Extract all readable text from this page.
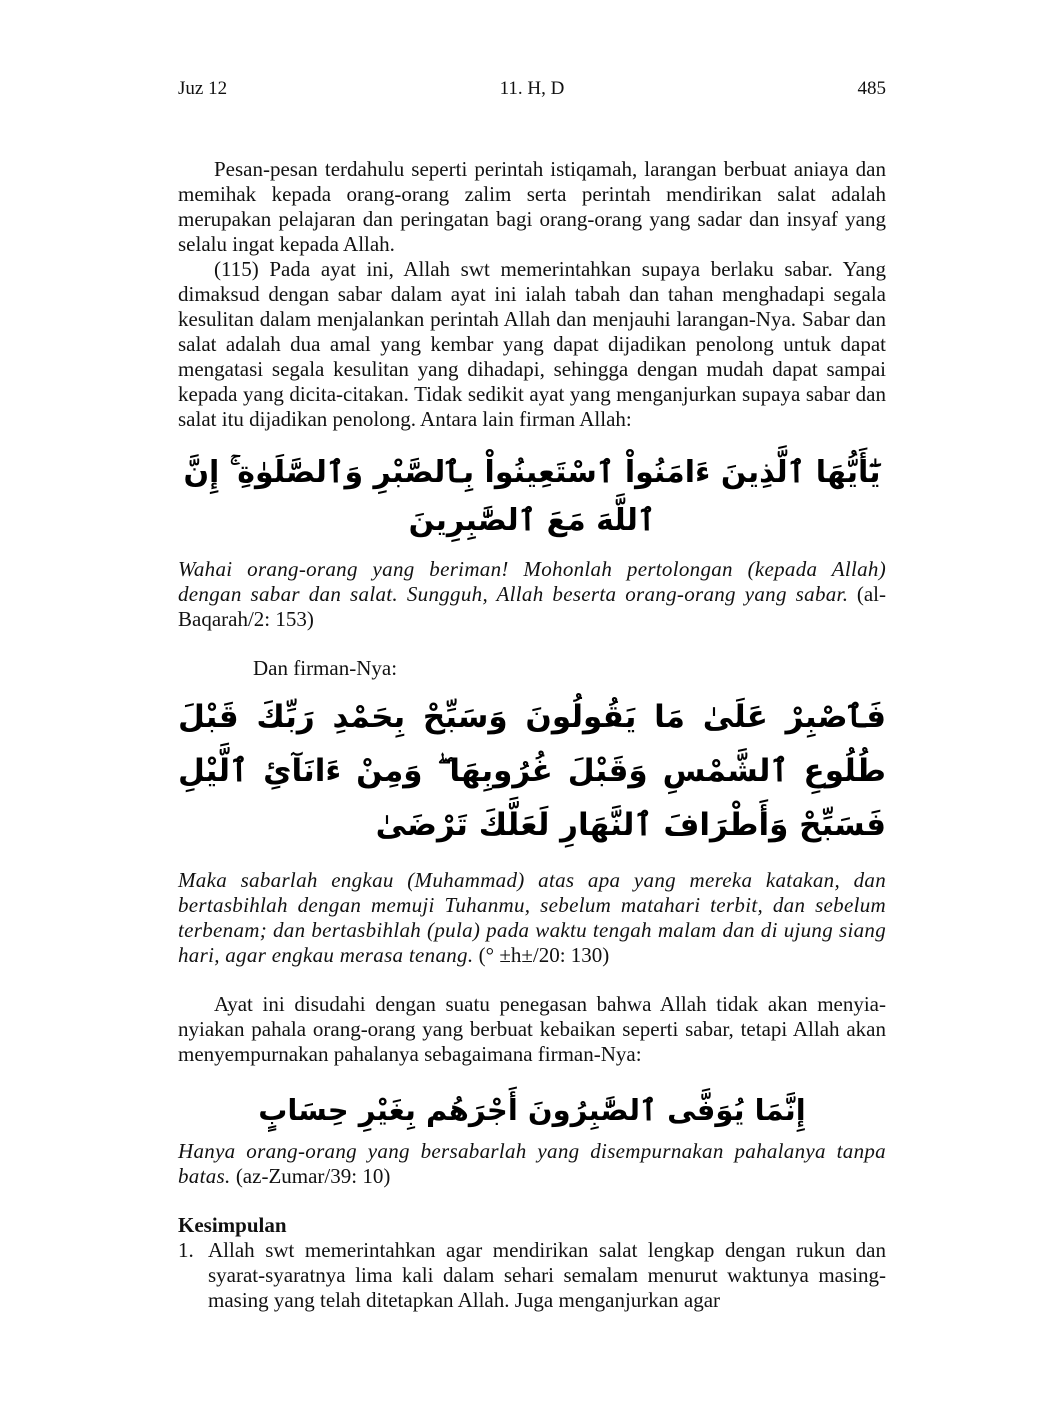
Juz 12	11. H, D	485

Pesan-pesan terdahulu seperti perintah istiqamah, larangan berbuat aniaya dan memihak kepada orang-orang zalim serta perintah mendirikan salat adalah merupakan pelajaran dan peringatan bagi orang-orang yang sadar dan insyaf yang selalu ingat kepada Allah.

(115) Pada ayat ini, Allah swt memerintahkan supaya berlaku sabar. Yang dimaksud dengan sabar dalam ayat ini ialah tabah dan tahan menghadapi segala kesulitan dalam menjalankan perintah Allah dan menjauhi larangan-Nya. Sabar dan salat adalah dua amal yang kembar yang dapat dijadikan penolong untuk dapat mengatasi segala kesulitan yang dihadapi, sehingga dengan mudah dapat sampai kepada yang dicita-citakan. Tidak sedikit ayat yang menganjurkan supaya sabar dan salat itu dijadikan penolong. Antara lain firman Allah:

يَٰٓأَيُّهَا ٱلَّذِينَ ءَامَنُواْ ٱسْتَعِينُواْ بِٱلصَّبْرِ وَٱلصَّلَوٰةِ ۚ إِنَّ ٱللَّهَ مَعَ ٱلصَّٰبِرِينَ

Wahai orang-orang yang beriman! Mohonlah pertolongan (kepada Allah) dengan sabar dan salat. Sungguh, Allah beserta orang-orang yang sabar. (al-Baqarah/2: 153)

Dan firman-Nya:

فَٱصْبِرْ عَلَىٰ مَا يَقُولُونَ وَسَبِّحْ بِحَمْدِ رَبِّكَ قَبْلَ طُلُوعِ ٱلشَّمْسِ وَقَبْلَ غُرُوبِهَا ۖ وَمِنْ ءَانَآئِ ٱلَّيْلِ فَسَبِّحْ وَأَطْرَافَ ٱلنَّهَارِ لَعَلَّكَ تَرْضَىٰ

Maka sabarlah engkau (Muhammad) atas apa yang mereka katakan, dan bertasbihlah dengan memuji Tuhanmu, sebelum matahari terbit, dan sebelum terbenam; dan bertasbihlah (pula) pada waktu tengah malam dan di ujung siang hari, agar engkau merasa tenang. (° ±h±/20: 130)

Ayat ini disudahi dengan suatu penegasan bahwa Allah tidak akan menyia-nyiakan pahala orang-orang yang berbuat kebaikan seperti sabar, tetapi Allah akan menyempurnakan pahalanya sebagaimana firman-Nya:

إِنَّمَا يُوَفَّى ٱلصَّٰبِرُونَ أَجْرَهُم بِغَيْرِ حِسَابٍ

Hanya orang-orang yang bersabarlah yang disempurnakan pahalanya tanpa batas. (az-Zumar/39: 10)

Kesimpulan

1. Allah swt memerintahkan agar mendirikan salat lengkap dengan rukun dan syarat-syaratnya lima kali dalam sehari semalam menurut waktunya masing-masing yang telah ditetapkan Allah. Juga menganjurkan agar
